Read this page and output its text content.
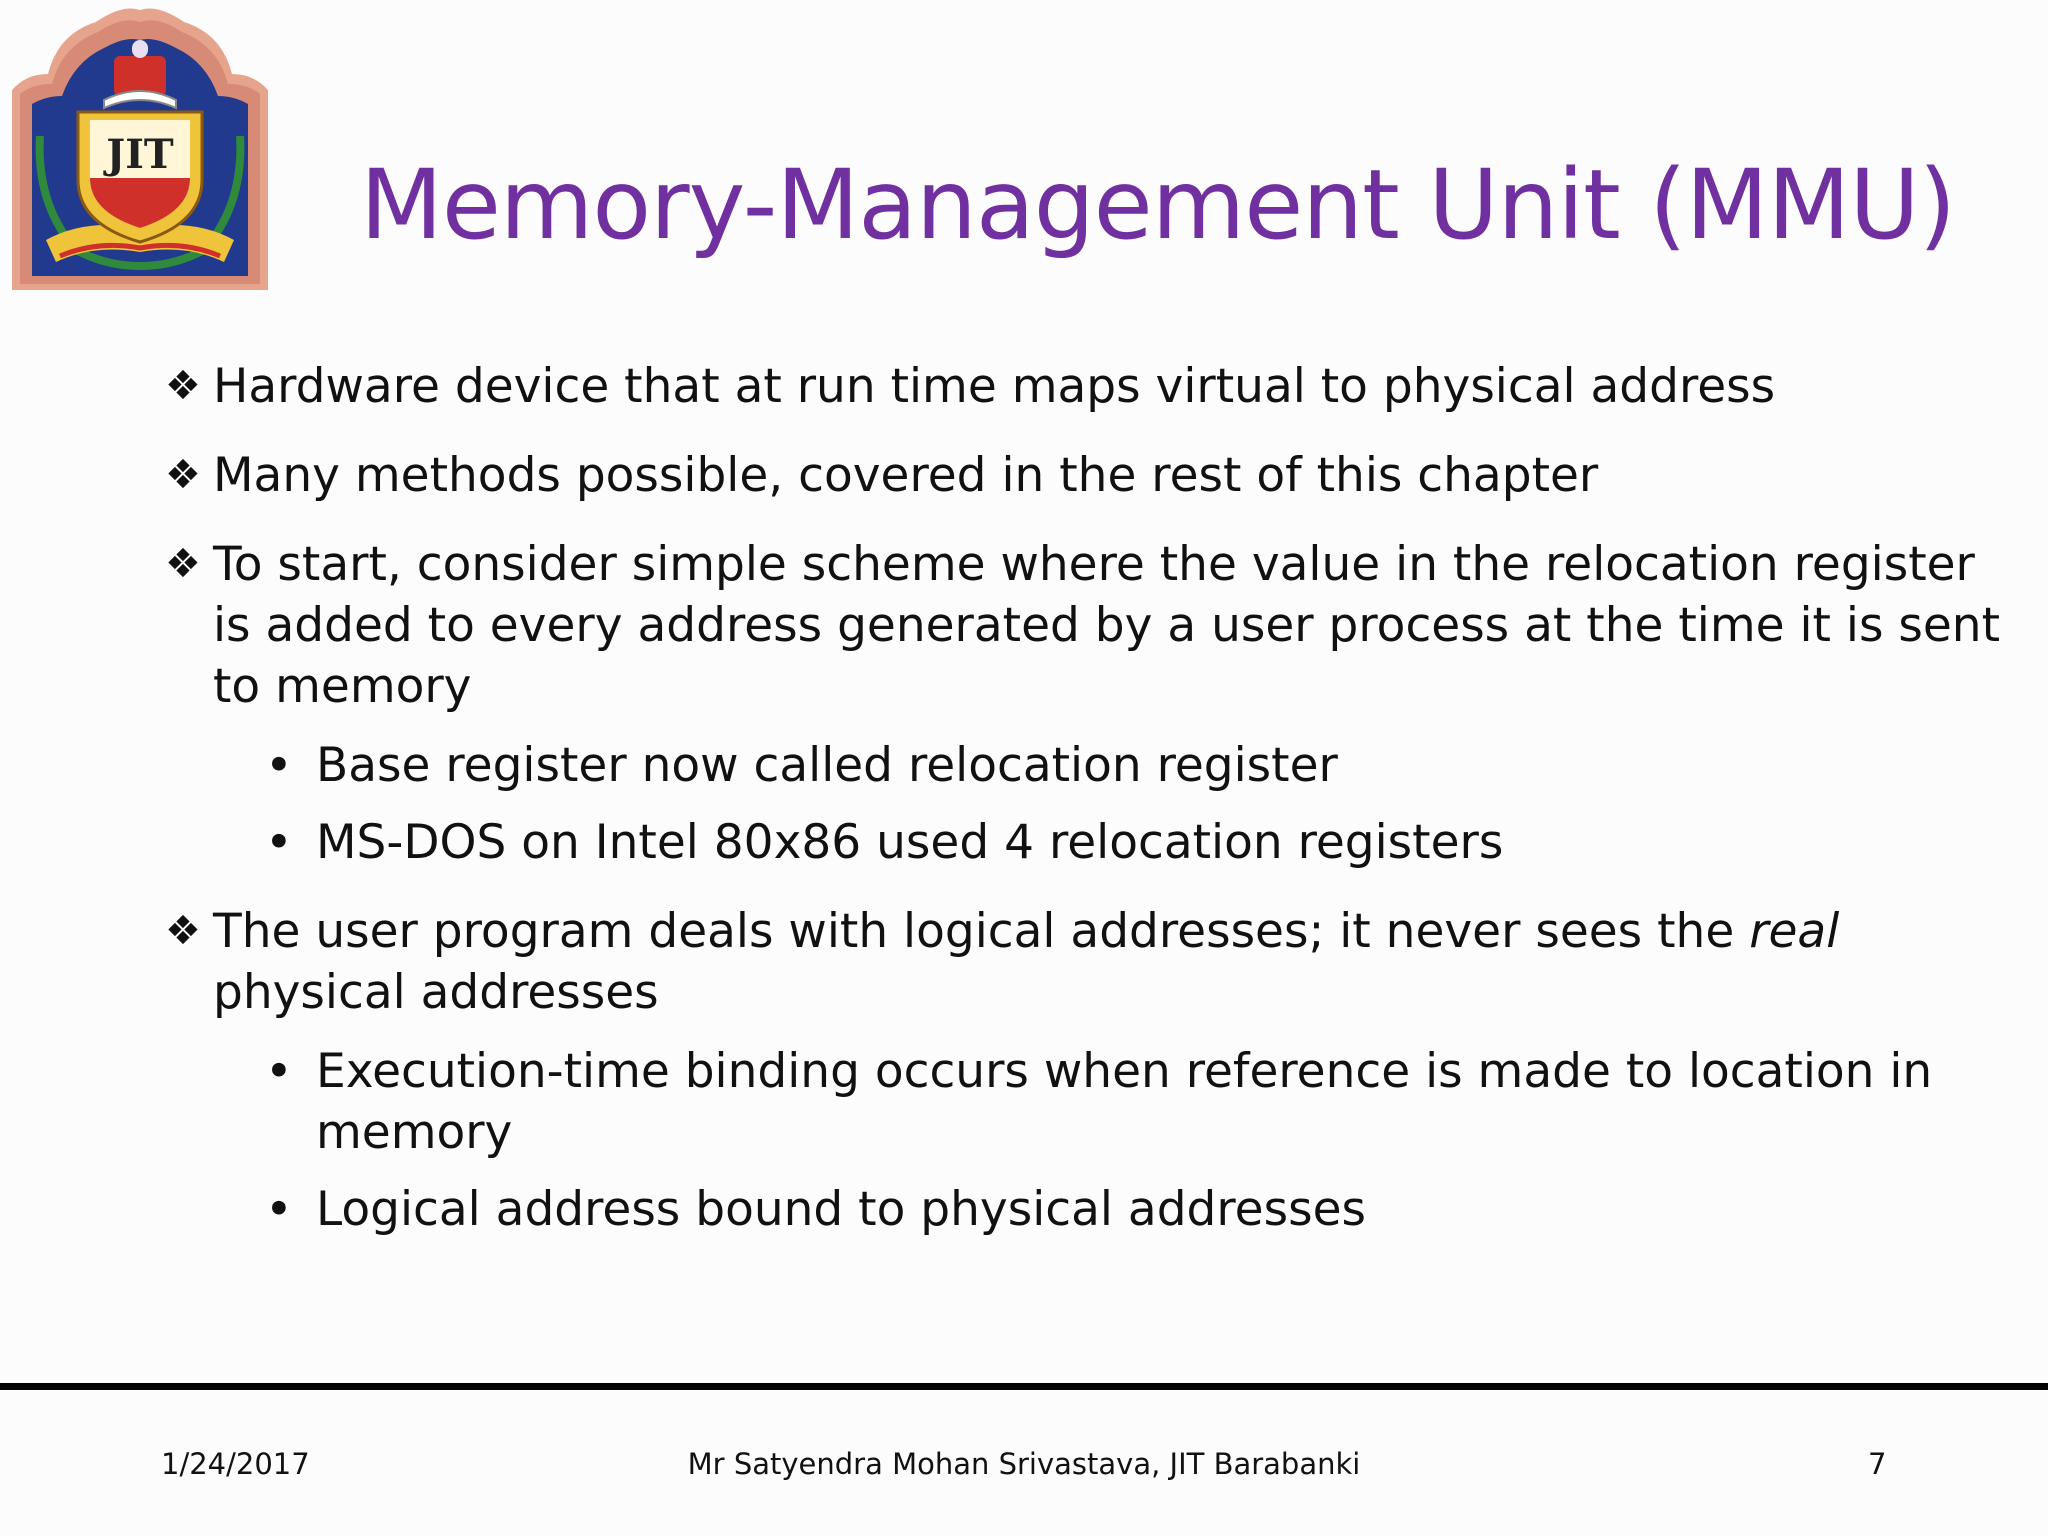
JIT Memory-Management Unit (MMU)
❖ Hardware device that at run time maps virtual to physical address
❖ Many methods possible, covered in the rest of this chapter
❖ To start, consider simple scheme where the value in the relocation register is added to every address generated by a user process at the time it is sent to memory
• Base register now called relocation register
• MS-DOS on Intel 80x86 used 4 relocation registers
❖ The user program deals with logical addresses; it never sees the real physical addresses
• Execution-time binding occurs when reference is made to location in memory
• Logical address bound to physical addresses
1/24/2017	Mr Satyendra Mohan Srivastava, JIT Barabanki	7
